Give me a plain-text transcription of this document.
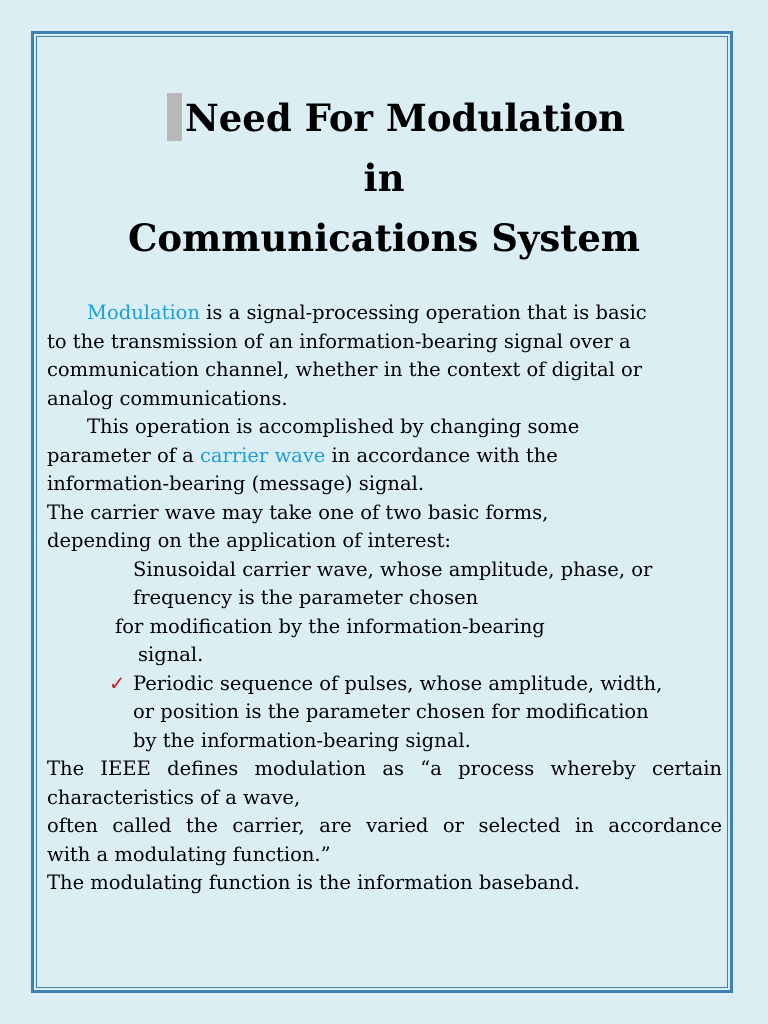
Need For Modulation
in
Communications System
Modulation is a signal-processing operation that is basic
to the transmission of an information-bearing signal over a
communication channel, whether in the context of digital or
analog communications.
This operation is accomplished by changing some
parameter of a carrier wave in accordance with the
information-bearing (message) signal.
The carrier wave may take one of two basic forms,
depending on the application of interest:
Sinusoidal carrier wave, whose amplitude, phase, or
frequency is the parameter chosen
for modification by the information-bearing
signal.
✓ Periodic sequence of pulses, whose amplitude, width,
or position is the parameter chosen for modification
by the information-bearing signal.
The IEEE defines modulation as “a process whereby certain
characteristics of a wave,
often called the carrier, are varied or selected in accordance
with a modulating function.”
The modulating function is the information baseband.
